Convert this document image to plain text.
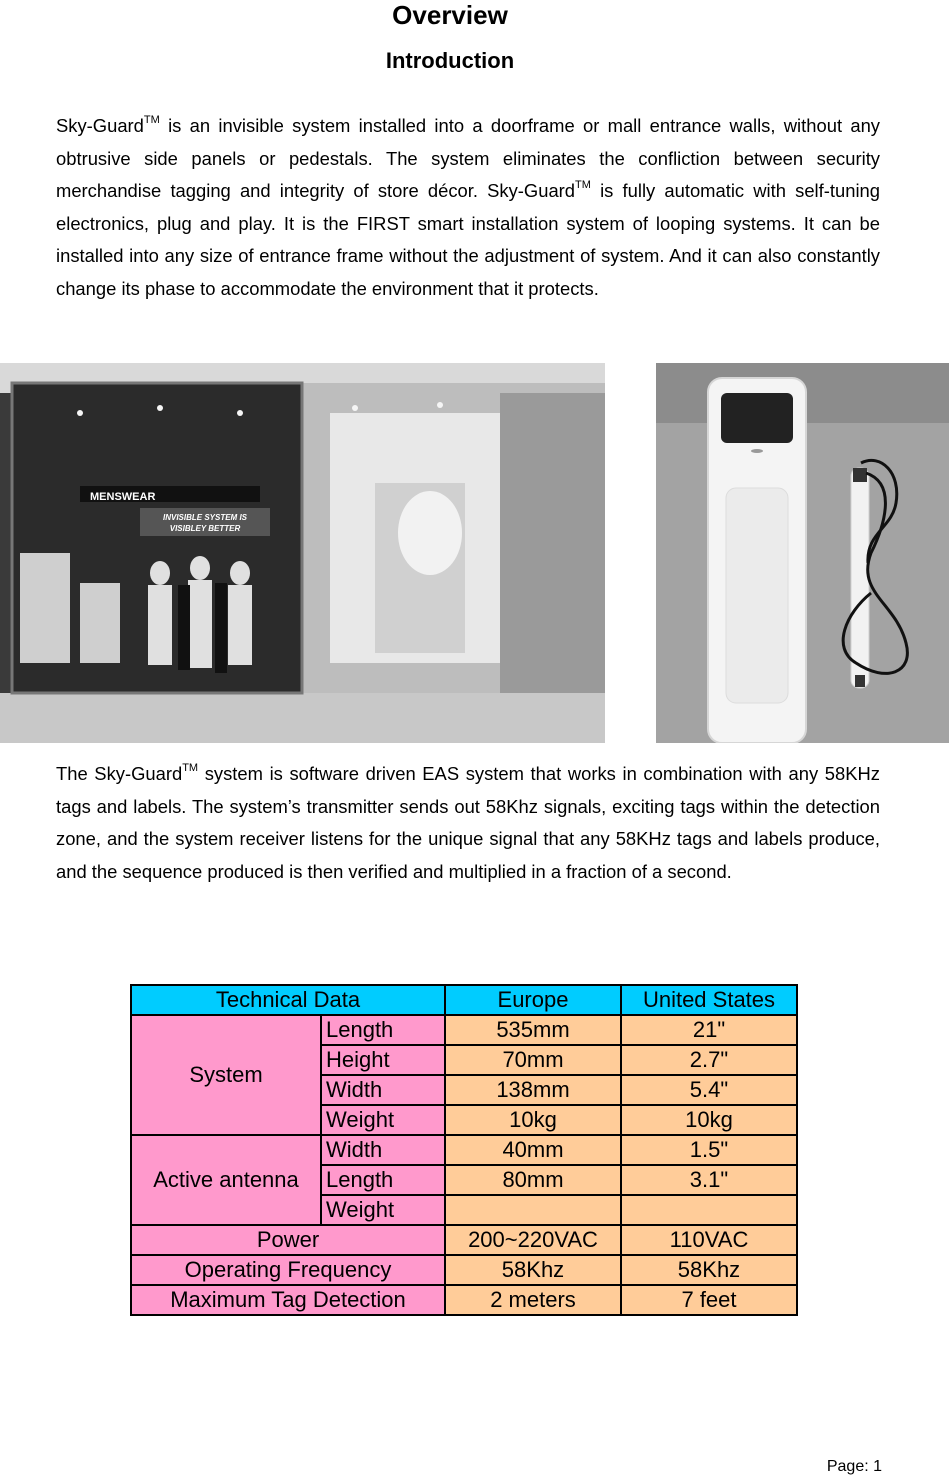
Overview
Introduction
Sky-Guard™ is an invisible system installed into a doorframe or mall entrance walls, without any obtrusive side panels or pedestals. The system eliminates the confliction between security merchandise tagging and integrity of store décor. Sky-Guard™ is fully automatic with self-tuning electronics, plug and play. It is the FIRST smart installation system of looping systems. It can be installed into any size of entrance frame without the adjustment of system. And it can also constantly change its phase to accommodate the environment that it protects.
MENSWEAR
INVISIBLE SYSTEM IS
VISIBLEY BETTER
The Sky-Guard™ system is software driven EAS system that works in combination with any 58KHz tags and labels. The system’s transmitter sends out 58Khz signals, exciting tags within the detection zone, and the system receiver listens for the unique signal that any 58KHz tags and labels produce, and the sequence produced is then verified and multiplied in a fraction of a second.
Technical Data		Europe	United States
System	Length	535mm	21"
	Height	70mm	2.7"
	Width	138mm	5.4"
	Weight	10kg	10kg
Active antenna	Width	40mm	1.5"
	Length	80mm	3.1"
	Weight		
Power		200~220VAC	110VAC
Operating Frequency		58Khz	58Khz
Maximum Tag Detection		2 meters	7 feet
Page: 1
